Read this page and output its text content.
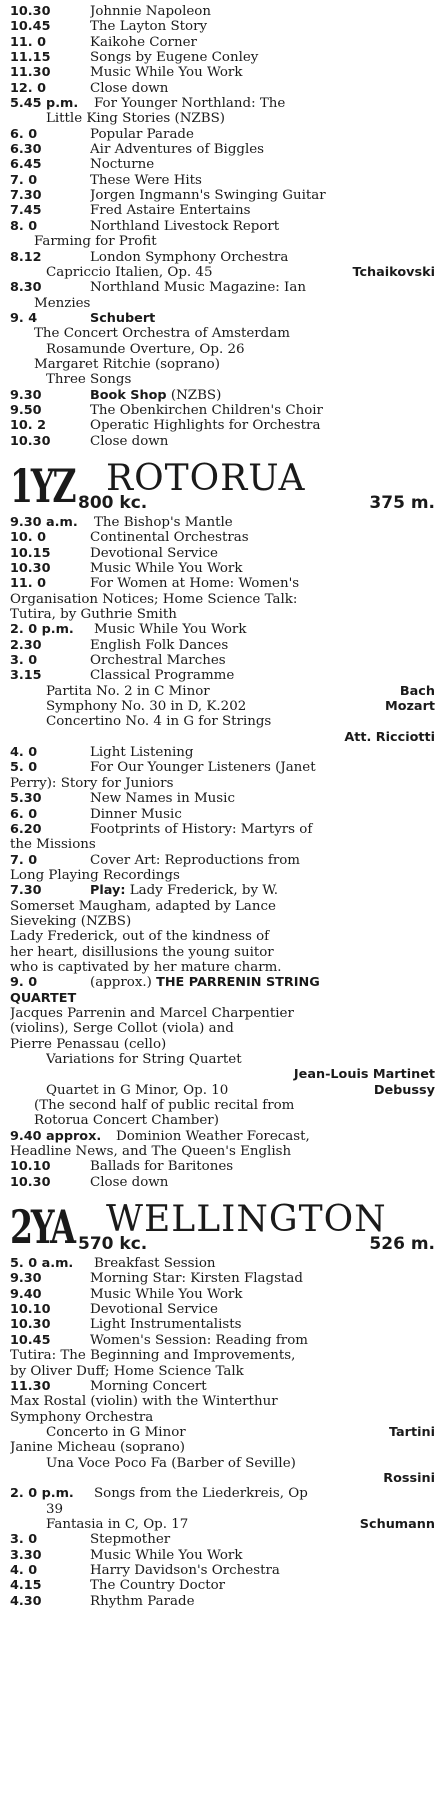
10.30	Johnnie Napoleon
10.45	The Layton Story
11. 0	Kaikohe Corner
11.15	Songs by Eugene Conley
11.30	Music While You Work
12. 0	Close down
5.45 p.m. For Younger Northland: The
Little King Stories (NZBS)
6. 0	Popular Parade
6.30	Air Adventures of Biggles
6.45	Nocturne
7. 0	These Were Hits
7.30	Jorgen Ingmann's Swinging Guitar
7.45	Fred Astaire Entertains
8. 0	Northland Livestock Report
Farming for Profit
8.12	London Symphony Orchestra
Capriccio Italien, Op. 45	Tchaikovski
8.30	Northland Music Magazine: Ian
Menzies
9. 4	Schubert
The Concert Orchestra of Amsterdam
Rosamunde Overture, Op. 26
Margaret Ritchie (soprano)
Three Songs
9.30	Book Shop (NZBS)
9.50	The Obenkirchen Children's Choir
10. 2	Operatic Highlights for Orchestra
10.30	Close down
1YZ ROTORUA
800 kc.	375 m.
9.30 a.m. The Bishop's Mantle
10. 0	Continental Orchestras
10.15	Devotional Service
10.30	Music While You Work
11. 0	For Women at Home: Women's
Organisation Notices; Home Science Talk:
Tutira, by Guthrie Smith
2. 0 p.m. Music While You Work
2.30	English Folk Dances
3. 0	Orchestral Marches
3.15	Classical Programme
Partita No. 2 in C Minor	Bach
Symphony No. 30 in D, K.202	Mozart
Concertino No. 4 in G for Strings
Att. Ricciotti
4. 0	Light Listening
5. 0	For Our Younger Listeners (Janet
Perry): Story for Juniors
5.30	New Names in Music
6. 0	Dinner Music
6.20	Footprints of History: Martyrs of
the Missions
7. 0	Cover Art: Reproductions from
Long Playing Recordings
7.30	Play: Lady Frederick, by W.
Somerset Maugham, adapted by Lance
Sieveking (NZBS)
Lady Frederick, out of the kindness of
her heart, disillusions the young suitor
who is captivated by her mature charm.
9. 0	(approx.) THE PARRENIN STRING
QUARTET
Jacques Parrenin and Marcel Charpentier
(violins), Serge Collot (viola) and
Pierre Penassau (cello)
Variations for String Quartet
Jean-Louis Martinet
Quartet in G Minor, Op. 10	Debussy
(The second half of public recital from
Rotorua Concert Chamber)
9.40 approx. Dominion Weather Forecast,
Headline News, and The Queen's English
10.10	Ballads for Baritones
10.30	Close down
2YA WELLINGTON
570 kc.	526 m.
5. 0 a.m. Breakfast Session
9.30	Morning Star: Kirsten Flagstad
9.40	Music While You Work
10.10	Devotional Service
10.30	Light Instrumentalists
10.45	Women's Session: Reading from
Tutira: The Beginning and Improvements,
by Oliver Duff; Home Science Talk
11.30	Morning Concert
Max Rostal (violin) with the Winterthur
Symphony Orchestra
Concerto in G Minor	Tartini
Janine Micheau (soprano)
Una Voce Poco Fa (Barber of Seville)
Rossini
2. 0 p.m. Songs from the Liederkreis, Op
39
Fantasia in C, Op. 17	Schumann
3. 0	Stepmother
3.30	Music While You Work
4. 0	Harry Davidson's Orchestra
4.15	The Country Doctor
4.30	Rhythm Parade
